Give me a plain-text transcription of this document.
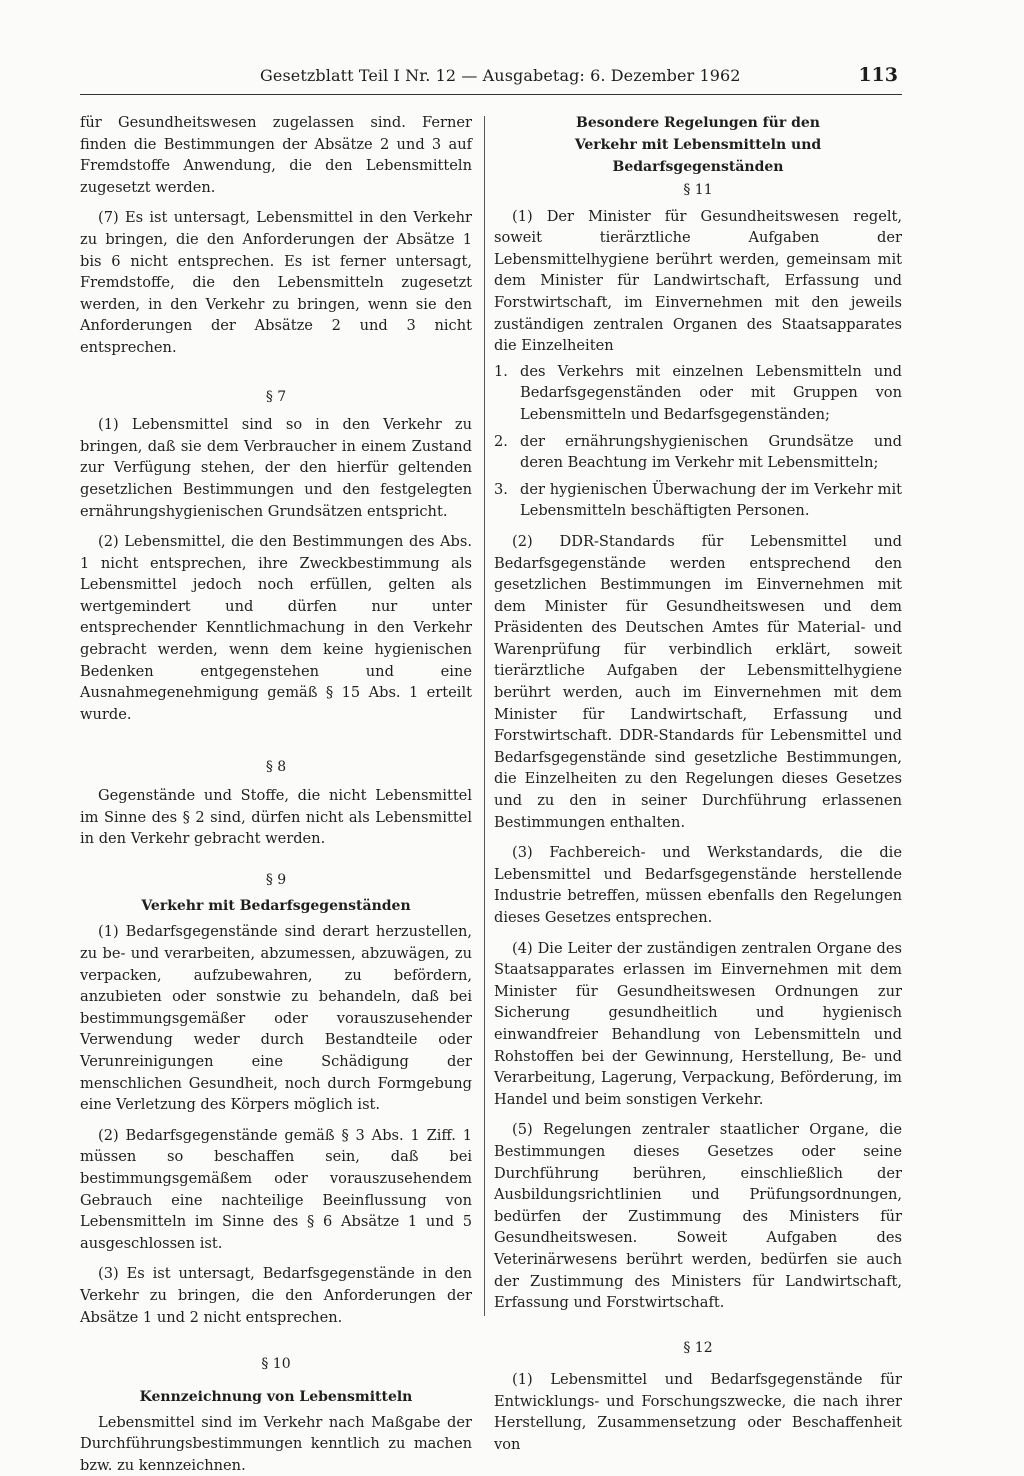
Gesetzblatt Teil I Nr. 12 — Ausgabetag: 6. Dezember 1962	113

für Gesundheitswesen zugelassen sind. Ferner finden die Bestimmungen der Absätze 2 und 3 auf Fremdstoffe Anwendung, die den Lebensmitteln zugesetzt werden.

(7) Es ist untersagt, Lebensmittel in den Verkehr zu bringen, die den Anforderungen der Absätze 1 bis 6 nicht entsprechen. Es ist ferner untersagt, Fremdstoffe, die den Lebensmitteln zugesetzt werden, in den Verkehr zu bringen, wenn sie den Anforderungen der Absätze 2 und 3 nicht entsprechen.

§ 7

(1) Lebensmittel sind so in den Verkehr zu bringen, daß sie dem Verbraucher in einem Zustand zur Verfügung stehen, der den hierfür geltenden gesetzlichen Bestimmungen und den festgelegten ernährungshygienischen Grundsätzen entspricht.

(2) Lebensmittel, die den Bestimmungen des Abs. 1 nicht entsprechen, ihre Zweckbestimmung als Lebensmittel jedoch noch erfüllen, gelten als wertgemindert und dürfen nur unter entsprechender Kenntlichmachung in den Verkehr gebracht werden, wenn dem keine hygienischen Bedenken entgegenstehen und eine Ausnahmegenehmigung gemäß § 15 Abs. 1 erteilt wurde.

§ 8

Gegenstände und Stoffe, die nicht Lebensmittel im Sinne des § 2 sind, dürfen nicht als Lebensmittel in den Verkehr gebracht werden.

§ 9

Verkehr mit Bedarfsgegenständen

(1) Bedarfsgegenstände sind derart herzustellen, zu be- und verarbeiten, abzumessen, abzuwägen, zu verpacken, aufzubewahren, zu befördern, anzubieten oder sonstwie zu behandeln, daß bei bestimmungsgemäßer oder vorauszusehender Verwendung weder durch Bestandteile oder Verunreinigungen eine Schädigung der menschlichen Gesundheit, noch durch Formgebung eine Verletzung des Körpers möglich ist.

(2) Bedarfsgegenstände gemäß § 3 Abs. 1 Ziff. 1 müssen so beschaffen sein, daß bei bestimmungsgemäßem oder vorauszusehendem Gebrauch eine nachteilige Beeinflussung von Lebensmitteln im Sinne des § 6 Absätze 1 und 5 ausgeschlossen ist.

(3) Es ist untersagt, Bedarfsgegenstände in den Verkehr zu bringen, die den Anforderungen der Absätze 1 und 2 nicht entsprechen.

§ 10

Kennzeichnung von Lebensmitteln

Lebensmittel sind im Verkehr nach Maßgabe der Durchführungsbestimmungen kenntlich zu machen bzw. zu kennzeichnen.

Besondere Regelungen für den Verkehr mit Lebensmitteln und Bedarfsgegenständen

§ 11

(1) Der Minister für Gesundheitswesen regelt, soweit tierärztliche Aufgaben der Lebensmittelhygiene berührt werden, gemeinsam mit dem Minister für Landwirtschaft, Erfassung und Forstwirtschaft, im Einvernehmen mit den jeweils zuständigen zentralen Organen des Staatsapparates die Einzelheiten

1. des Verkehrs mit einzelnen Lebensmitteln und Bedarfsgegenständen oder mit Gruppen von Lebensmitteln und Bedarfsgegenständen;
2. der ernährungshygienischen Grundsätze und deren Beachtung im Verkehr mit Lebensmitteln;
3. der hygienischen Überwachung der im Verkehr mit Lebensmitteln beschäftigten Personen.

(2) DDR-Standards für Lebensmittel und Bedarfsgegenstände werden entsprechend den gesetzlichen Bestimmungen im Einvernehmen mit dem Minister für Gesundheitswesen und dem Präsidenten des Deutschen Amtes für Material- und Warenprüfung für verbindlich erklärt, soweit tierärztliche Aufgaben der Lebensmittelhygiene berührt werden, auch im Einvernehmen mit dem Minister für Landwirtschaft, Erfassung und Forstwirtschaft. DDR-Standards für Lebensmittel und Bedarfsgegenstände sind gesetzliche Bestimmungen, die Einzelheiten zu den Regelungen dieses Gesetzes und zu den in seiner Durchführung erlassenen Bestimmungen enthalten.

(3) Fachbereich- und Werkstandards, die die Lebensmittel und Bedarfsgegenstände herstellende Industrie betreffen, müssen ebenfalls den Regelungen dieses Gesetzes entsprechen.

(4) Die Leiter der zuständigen zentralen Organe des Staatsapparates erlassen im Einvernehmen mit dem Minister für Gesundheitswesen Ordnungen zur Sicherung gesundheitlich und hygienisch einwandfreier Behandlung von Lebensmitteln und Rohstoffen bei der Gewinnung, Herstellung, Be- und Verarbeitung, Lagerung, Verpackung, Beförderung, im Handel und beim sonstigen Verkehr.

(5) Regelungen zentraler staatlicher Organe, die Bestimmungen dieses Gesetzes oder seine Durchführung berühren, einschließlich der Ausbildungsrichtlinien und Prüfungsordnungen, bedürfen der Zustimmung des Ministers für Gesundheitswesen. Soweit Aufgaben des Veterinärwesens berührt werden, bedürfen sie auch der Zustimmung des Ministers für Landwirtschaft, Erfassung und Forstwirtschaft.

§ 12

(1) Lebensmittel und Bedarfsgegenstände für Entwicklungs- und Forschungszwecke, die nach ihrer Herstellung, Zusammensetzung oder Beschaffenheit von
